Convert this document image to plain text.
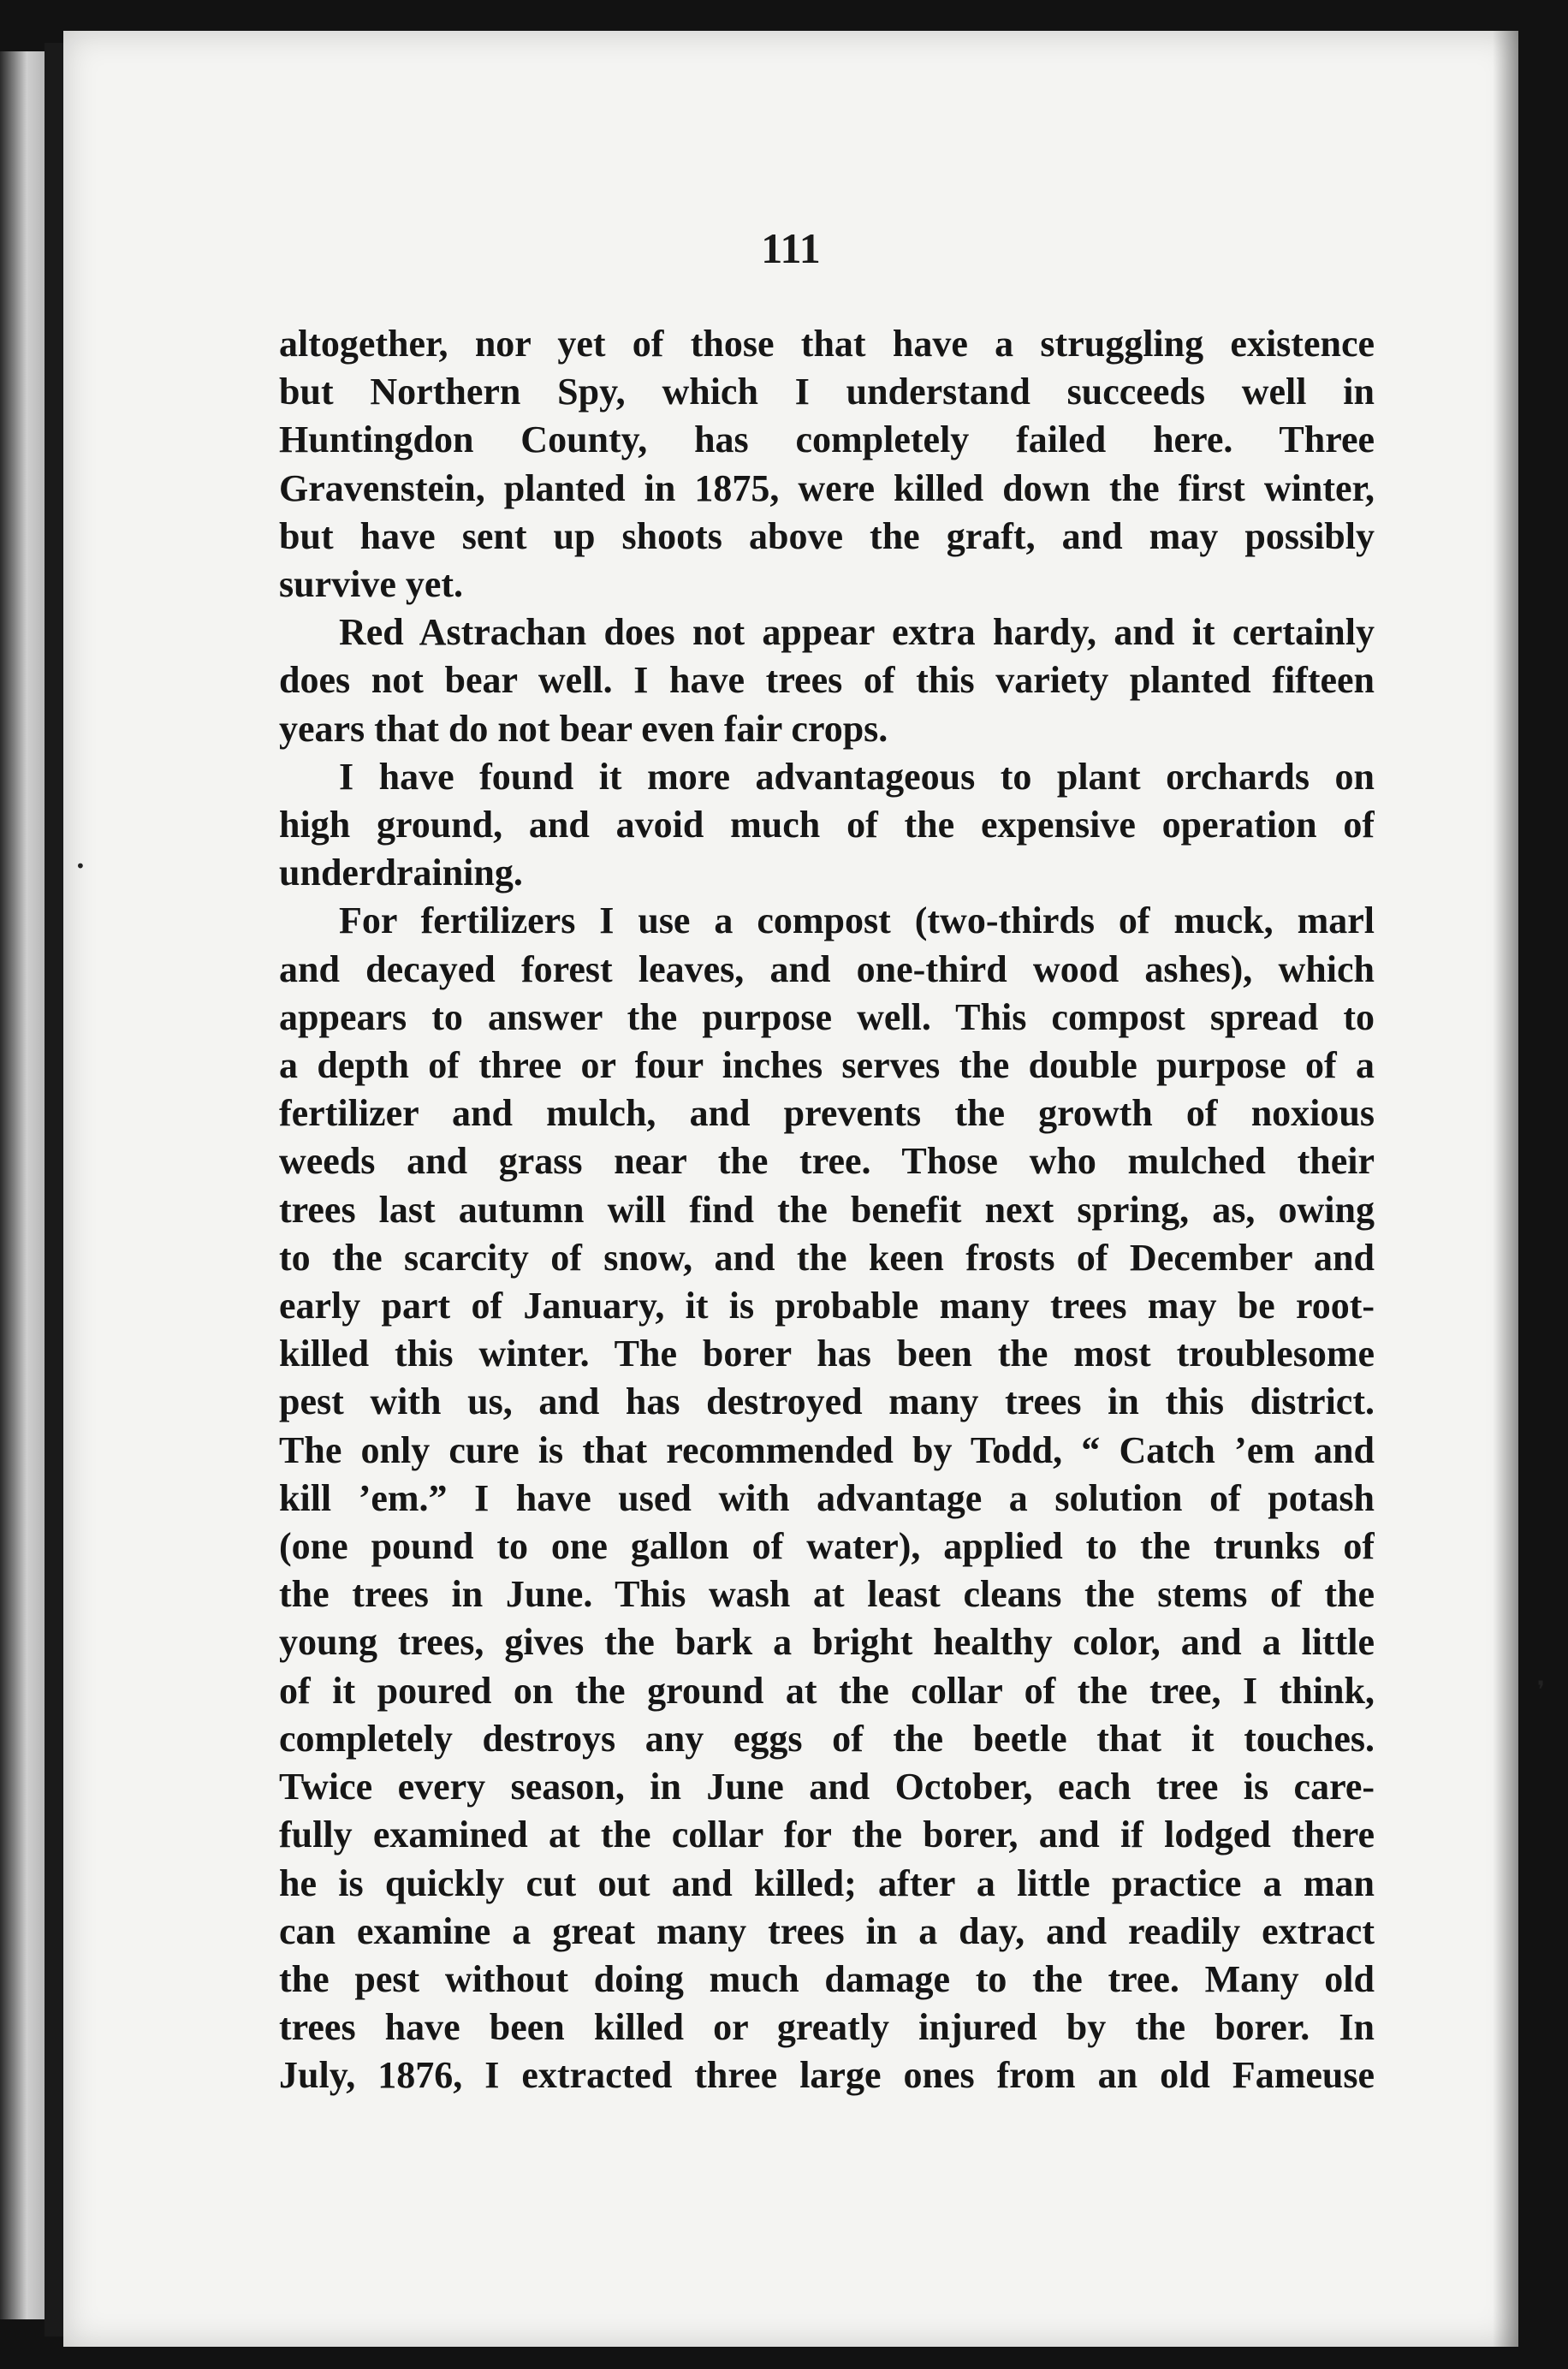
111

altogether, nor yet of those that have a struggling existence
but Northern Spy, which I understand succeeds well in
Huntingdon County, has completely failed here. Three
Gravenstein, planted in 1875, were killed down the first winter,
but have sent up shoots above the graft, and may possibly
survive yet.
Red Astrachan does not appear extra hardy, and it certainly
does not bear well. I have trees of this variety planted fifteen
years that do not bear even fair crops.
I have found it more advantageous to plant orchards on
high ground, and avoid much of the expensive operation of
underdraining.
For fertilizers I use a compost (two-thirds of muck, marl
and decayed forest leaves, and one-third wood ashes), which
appears to answer the purpose well. This compost spread to
a depth of three or four inches serves the double purpose of a
fertilizer and mulch, and prevents the growth of noxious
weeds and grass near the tree. Those who mulched their
trees last autumn will find the benefit next spring, as, owing
to the scarcity of snow, and the keen frosts of December and
early part of January, it is probable many trees may be root-
killed this winter. The borer has been the most troublesome
pest with us, and has destroyed many trees in this district.
The only cure is that recommended by Todd, “ Catch ’em and
kill ’em.” I have used with advantage a solution of potash
(one pound to one gallon of water), applied to the trunks of
the trees in June. This wash at least cleans the stems of the
young trees, gives the bark a bright healthy color, and a little
of it poured on the ground at the collar of the tree, I think,
completely destroys any eggs of the beetle that it touches.
Twice every season, in June and October, each tree is care-
fully examined at the collar for the borer, and if lodged there
he is quickly cut out and killed; after a little practice a man
can examine a great many trees in a day, and readily extract
the pest without doing much damage to the tree. Many old
trees have been killed or greatly injured by the borer. In
July, 1876, I extracted three large ones from an old Fameuse
•
❜
